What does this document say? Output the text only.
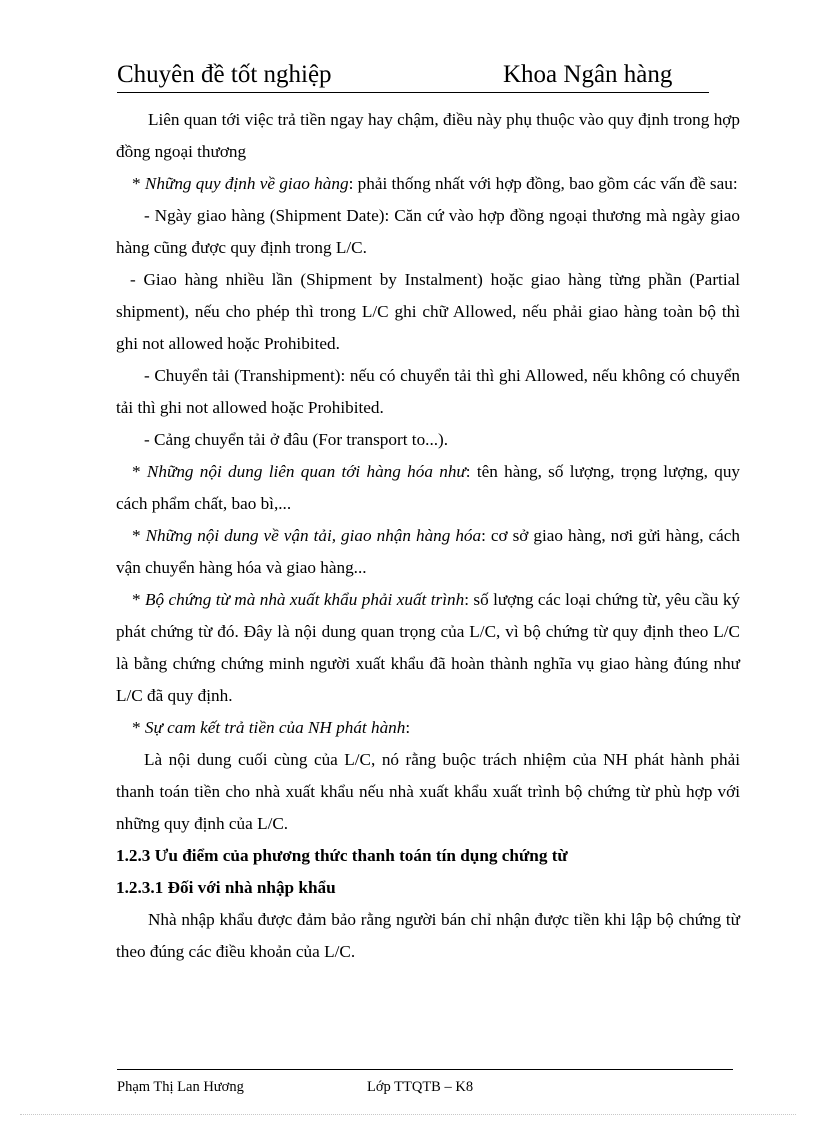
Chuyên đề tốt nghiệp	Khoa Ngân hàng

Liên quan tới việc trả tiền ngay hay chậm, điều này phụ thuộc vào quy định trong hợp đồng ngoại thương

* Những quy định về giao hàng: phải thống nhất với hợp đồng, bao gồm các vấn đề sau:

- Ngày giao hàng (Shipment Date): Căn cứ vào hợp đồng ngoại thương mà ngày giao hàng cũng được quy định trong L/C.

- Giao hàng nhiều lần (Shipment by Instalment) hoặc giao hàng từng phần (Partial shipment), nếu cho phép thì trong L/C ghi chữ Allowed, nếu phải giao hàng toàn bộ thì ghi not allowed hoặc Prohibited.

- Chuyển tải (Transhipment): nếu có chuyển tải thì ghi Allowed, nếu không có chuyển tải thì ghi not allowed hoặc Prohibited.

- Cảng chuyển tải ở đâu (For transport to...).

* Những nội dung liên quan tới hàng hóa như: tên hàng, số lượng, trọng lượng, quy cách phẩm chất, bao bì,...

* Những nội dung về vận tải, giao nhận hàng hóa: cơ sở giao hàng, nơi gửi hàng, cách vận chuyển hàng hóa và giao hàng...

* Bộ chứng từ mà nhà xuất khẩu phải xuất trình: số lượng các loại chứng từ, yêu cầu ký phát chứng từ đó. Đây là nội dung quan trọng của L/C, vì bộ chứng từ quy định theo L/C là bằng chứng chứng minh người xuất khẩu đã hoàn thành nghĩa vụ giao hàng đúng như L/C đã quy định.

* Sự cam kết trả tiền của NH phát hành:

Là nội dung cuối cùng của L/C, nó rằng buộc trách nhiệm của NH phát hành phải thanh toán tiền cho nhà xuất khẩu nếu nhà xuất khẩu xuất trình bộ chứng từ phù hợp với những quy định của L/C.

1.2.3 Ưu điểm của phương thức thanh toán tín dụng chứng từ

1.2.3.1 Đối với nhà nhập khẩu

Nhà nhập khẩu được đảm bảo rằng người bán chỉ nhận được tiền khi lập bộ chứng từ theo đúng các điều khoản của L/C.

Phạm Thị Lan Hương	Lớp TTQTB – K8
